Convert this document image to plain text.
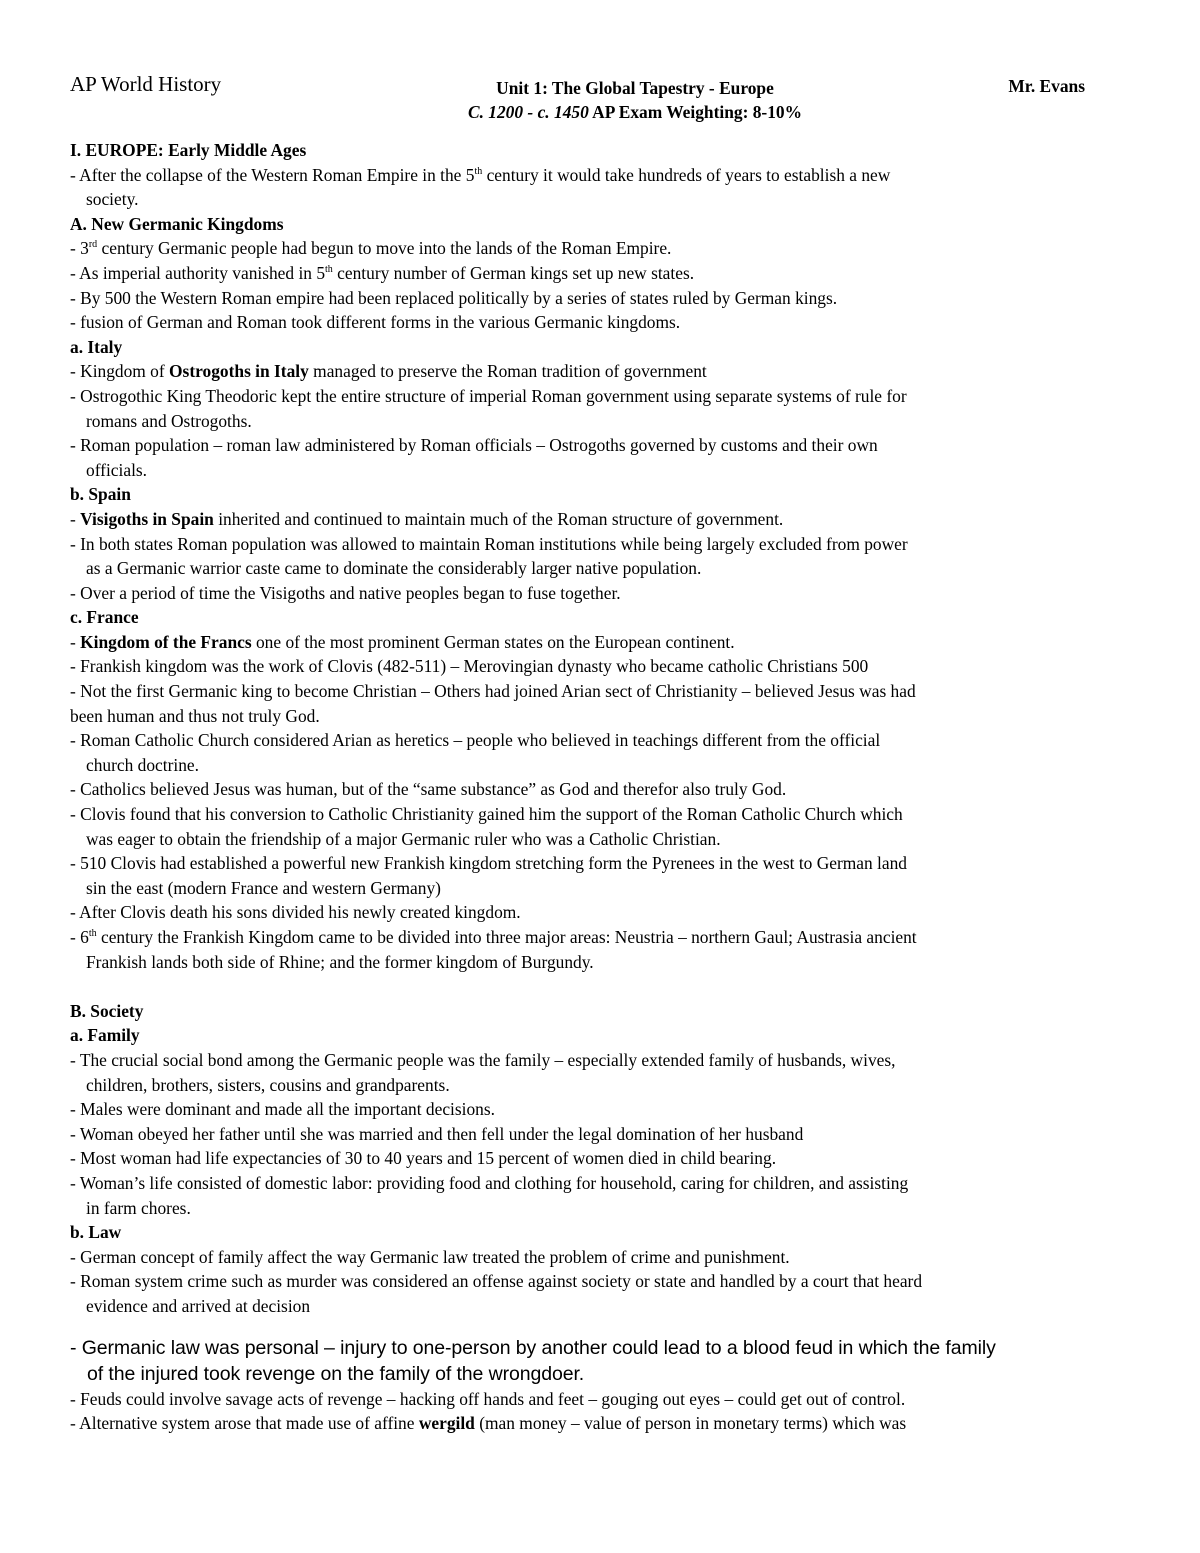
AP World History	Unit 1: The Global Tapestry - Europe
C. 1200 - c. 1450 AP Exam Weighting: 8-10%
Mr. Evans
I. EUROPE: Early Middle Ages
- After the collapse of the Western Roman Empire in the 5th century it would take hundreds of years to establish a new
society.
A. New Germanic Kingdoms
- 3rd century Germanic people had begun to move into the lands of the Roman Empire.
- As imperial authority vanished in 5th century number of German kings set up new states.
- By 500 the Western Roman empire had been replaced politically by a series of states ruled by German kings.
- fusion of German and Roman took different forms in the various Germanic kingdoms.
a. Italy
- Kingdom of Ostrogoths in Italy managed to preserve the Roman tradition of government
- Ostrogothic King Theodoric kept the entire structure of imperial Roman government using separate systems of rule for
romans and Ostrogoths.
- Roman population – roman law administered by Roman officials – Ostrogoths governed by customs and their own
officials.
b. Spain
- Visigoths in Spain inherited and continued to maintain much of the Roman structure of government.
- In both states Roman population was allowed to maintain Roman institutions while being largely excluded from power
as a Germanic warrior caste came to dominate the considerably larger native population.
- Over a period of time the Visigoths and native peoples began to fuse together.
c. France
- Kingdom of the Francs one of the most prominent German states on the European continent.
- Frankish kingdom was the work of Clovis (482-511) – Merovingian dynasty who became catholic Christians 500
- Not the first Germanic king to become Christian – Others had joined Arian sect of Christianity – believed Jesus was had
been human and thus not truly God.
- Roman Catholic Church considered Arian as heretics – people who believed in teachings different from the official
church doctrine.
- Catholics believed Jesus was human, but of the “same substance” as God and therefor also truly God.
- Clovis found that his conversion to Catholic Christianity gained him the support of the Roman Catholic Church which
was eager to obtain the friendship of a major Germanic ruler who was a Catholic Christian.
- 510 Clovis had established a powerful new Frankish kingdom stretching form the Pyrenees in the west to German land
sin the east (modern France and western Germany)
- After Clovis death his sons divided his newly created kingdom.
- 6th century the Frankish Kingdom came to be divided into three major areas: Neustria – northern Gaul; Austrasia ancient
Frankish lands both side of Rhine; and the former kingdom of Burgundy.
B. Society
a. Family
- The crucial social bond among the Germanic people was the family – especially extended family of husbands, wives,
children, brothers, sisters, cousins and grandparents.
- Males were dominant and made all the important decisions.
- Woman obeyed her father until she was married and then fell under the legal domination of her husband
- Most woman had life expectancies of 30 to 40 years and 15 percent of women died in child bearing.
- Woman’s life consisted of domestic labor: providing food and clothing for household, caring for children, and assisting
in farm chores.
b. Law
- German concept of family affect the way Germanic law treated the problem of crime and punishment.
- Roman system crime such as murder was considered an offense against society or state and handled by a court that heard
evidence and arrived at decision
- Germanic law was personal – injury to one-person by another could lead to a blood feud in which the family
of the injured took revenge on the family of the wrongdoer.
- Feuds could involve savage acts of revenge – hacking off hands and feet – gouging out eyes – could get out of control.
- Alternative system arose that made use of affine wergild (man money – value of person in monetary terms) which was
